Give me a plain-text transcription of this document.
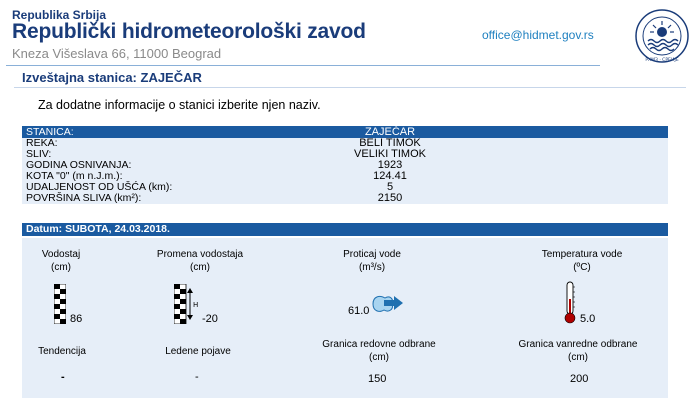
Republika Srbija
Republički hidrometeorološki zavod
Kneza Višeslava 66, 11000 Beograd
office@hidmet.gov.rs
РХМЗ · СРБИЈЕ
Izveštajna stanica: ZAJEČAR
Za dodatne informacije o stanici izberite njen naziv.
STANICA:	ZAJEČAR	
REKA:	BELI TIMOK	
SLIV:	VELIKI TIMOK	
GODINA OSNIVANJA:	1923	
KOTA "0" (m n.J.m.):	124.41	
UDALJENOST OD UŠĆA (km):	5	
POVRŠINA SLIVA (km²):	2150	
Datum: SUBOTA, 24.03.2018.
Vodostaj
(cm)
86
Promena vodostaja
(cm)
H
-20
Proticaj vode
(m³/s)
61.0
Temperatura vode
(ºC)
5.0
Tendencija
-
Ledene pojave
-
Granica redovne odbrane
(cm)
150
Granica vanredne odbrane
(cm)
200
